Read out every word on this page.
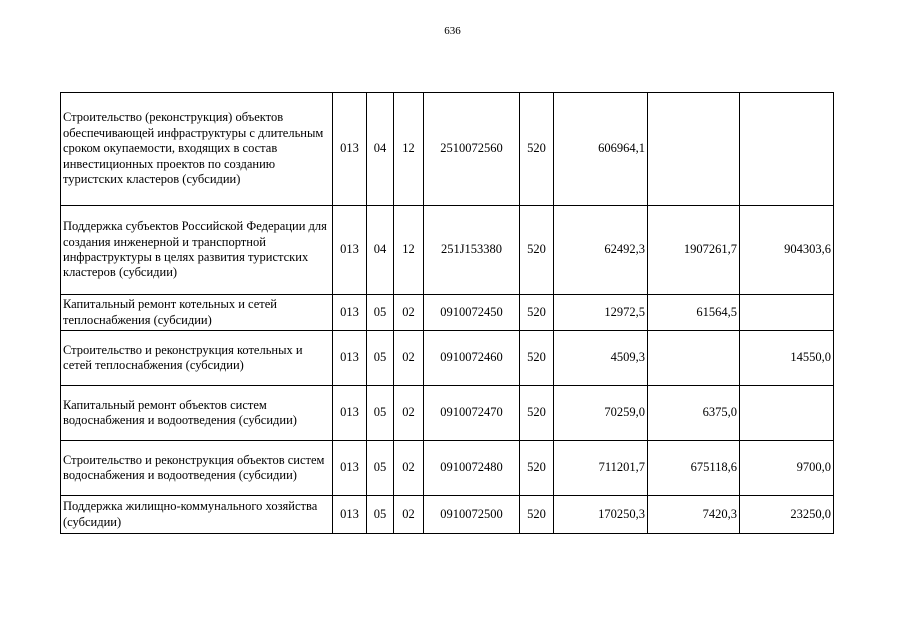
636
Строительство (реконструкция) объектов обеспечивающей инфраструктуры с длительным сроком окупаемости, входящих в состав инвестиционных проектов по созданию туристских кластеров (субсидии)	013	04	12	2510072560	520	606964,1		
Поддержка субъектов Российской Федерации для создания инженерной и транспортной инфраструктуры в целях развития туристских кластеров (субсидии)	013	04	12	251J153380	520	62492,3	1907261,7	904303,6
Капитальный ремонт котельных и сетей теплоснабжения (субсидии)	013	05	02	0910072450	520	12972,5	61564,5	
Строительство и реконструкция котельных и сетей теплоснабжения (субсидии)	013	05	02	0910072460	520	4509,3		14550,0
Капитальный ремонт объектов систем водоснабжения и водоотведения (субсидии)	013	05	02	0910072470	520	70259,0	6375,0	
Строительство и реконструкция объектов систем водоснабжения и водоотведения (субсидии)	013	05	02	0910072480	520	711201,7	675118,6	9700,0
Поддержка жилищно-коммунального хозяйства (субсидии)	013	05	02	0910072500	520	170250,3	7420,3	23250,0
